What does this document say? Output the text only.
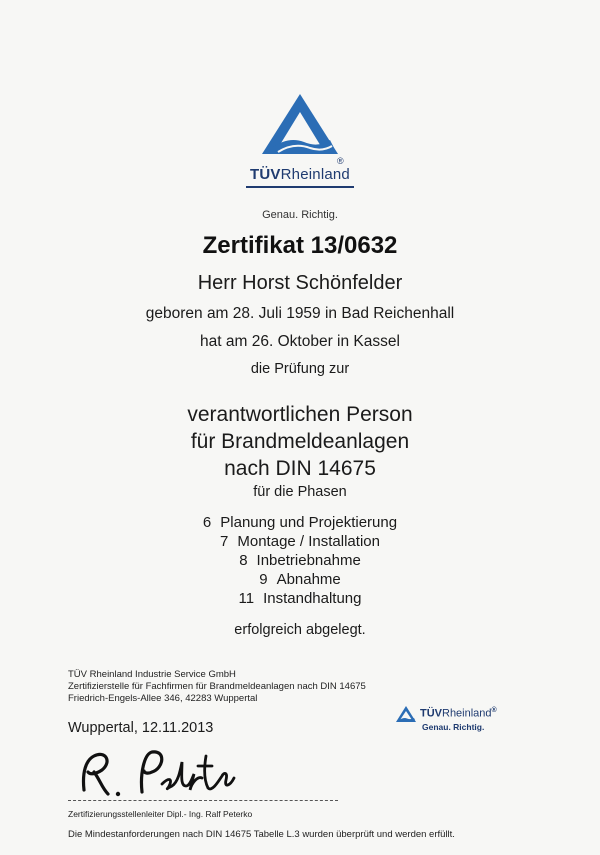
®
TÜVRheinland
Genau. Richtig.
Zertifikat 13/0632
Herr Horst Schönfelder
geboren am 28. Juli 1959 in Bad Reichenhall
hat am 26. Oktober in Kassel
die Prüfung zur
verantwortlichen Person
für Brandmeldeanlagen
nach DIN 14675
für die Phasen
6 Planung und Projektierung
7 Montage / Installation
8 Inbetriebnahme
9 Abnahme
11 Instandhaltung
erfolgreich abgelegt.
TÜV Rheinland Industrie Service GmbH
Zertifizierstelle für Fachfirmen für Brandmeldeanlagen nach DIN 14675
Friedrich-Engels-Allee 346, 42283 Wuppertal
Wuppertal, 12.11.2013
TÜVRheinland®
Genau. Richtig.
Zertifizierungsstellenleiter Dipl.- Ing. Ralf Peterko
Die Mindestanforderungen nach DIN 14675 Tabelle L.3 wurden überprüft und werden erfüllt.
